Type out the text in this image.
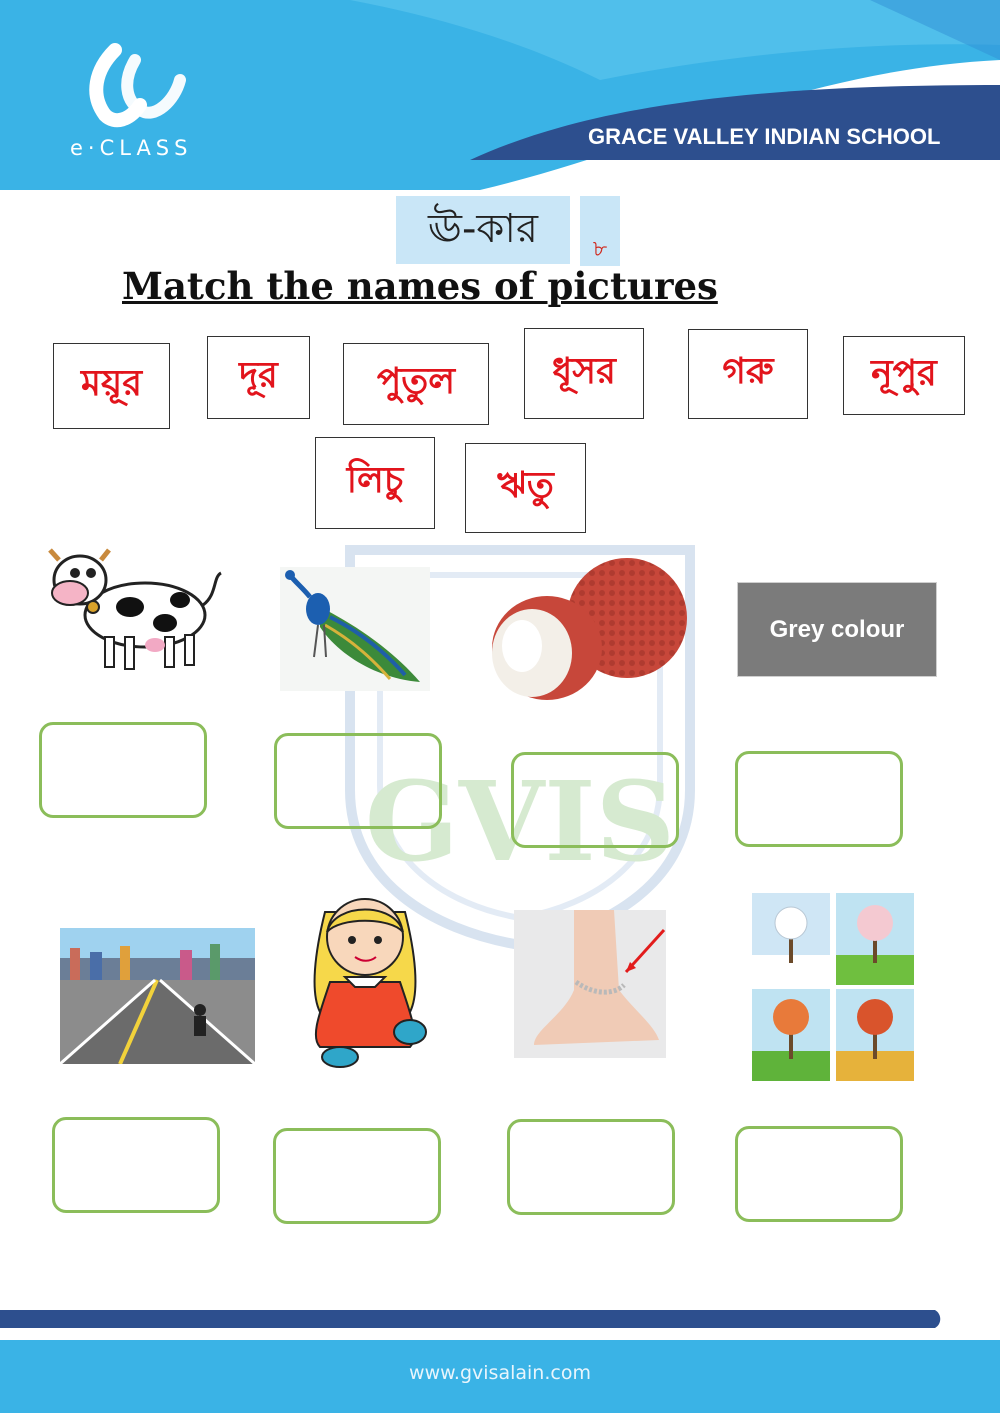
e·CLASS	GRACE VALLEY INDIAN SCHOOL
GVIS
ঊ-কার	৮
Match the names of pictures
ময়ূর	দূর	পুতুল	ধূসর	গরু	নূপুর
লিচু	ঋতু
Grey colour
www.gvisalain.com
